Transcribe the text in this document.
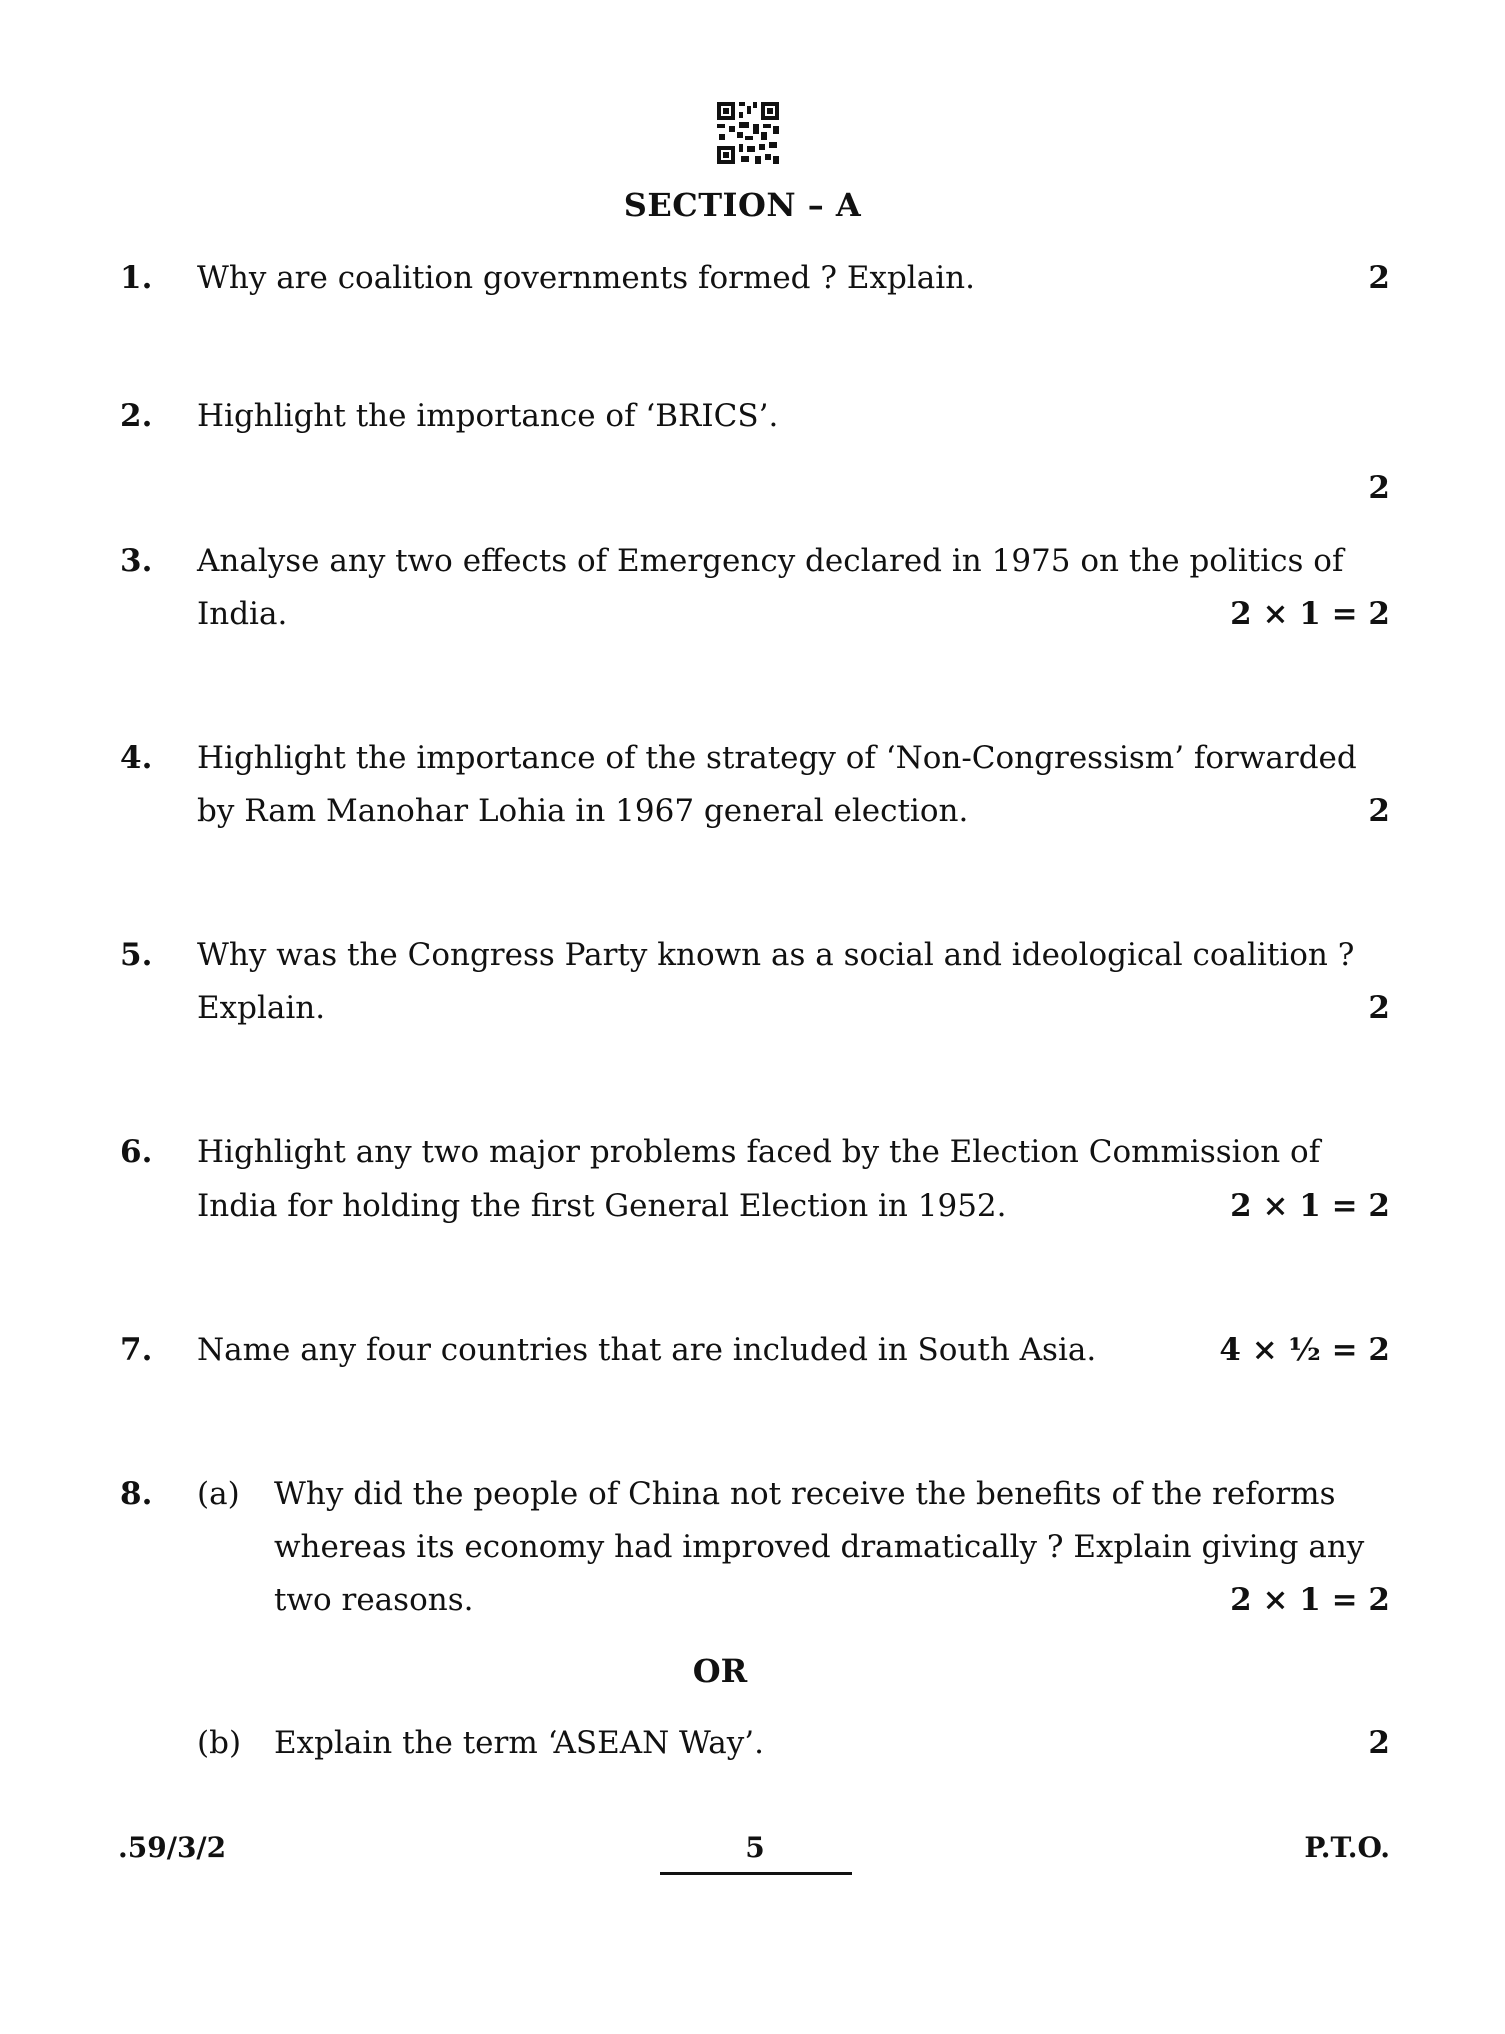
SECTION – A
1. Why are coalition governments formed ? Explain.	2
2. Highlight the importance of ‘BRICS’.
2
3. Analyse any two effects of Emergency declared in 1975 on the politics of
India.	2 × 1 = 2
4. Highlight the importance of the strategy of ‘Non-Congressism’ forwarded
by Ram Manohar Lohia in 1967 general election.	2
5. Why was the Congress Party known as a social and ideological coalition ?
Explain.	2
6. Highlight any two major problems faced by the Election Commission of
India for holding the first General Election in 1952.	2 × 1 = 2
7. Name any four countries that are included in South Asia.	4 × ½ = 2
8. (a) Why did the people of China not receive the benefits of the reforms
whereas its economy had improved dramatically ? Explain giving any
two reasons.	2 × 1 = 2
OR
(b) Explain the term ‘ASEAN Way’.	2
.59/3/2	5	P.T.O.
